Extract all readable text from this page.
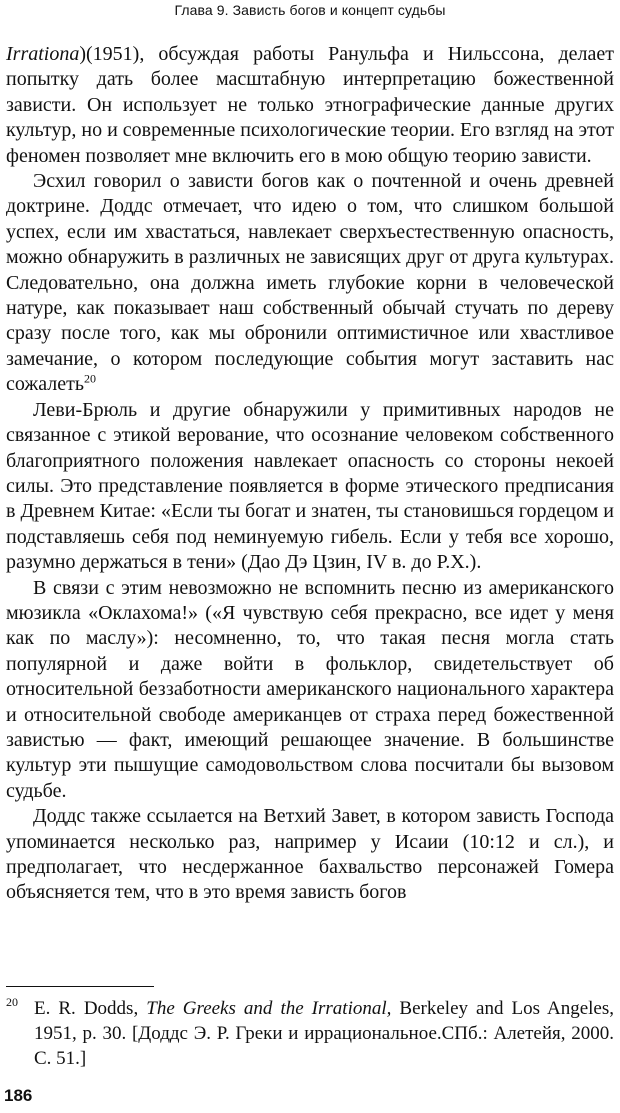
Глава 9. Зависть богов и концепт судьбы

Irrationa)(1951), обсуждая работы Ранульфа и Нильссона, делает попытку дать более масштабную интерпретацию божественной зависти. Он использует не только этнографические данные других культур, но и современные психологические теории. Его взгляд на этот феномен позволяет мне включить его в мою общую теорию зависти.

Эсхил говорил о зависти богов как о почтенной и очень древней доктрине. Доддс отмечает, что идею о том, что слишком большой успех, если им хвастаться, навлекает сверхъестественную опасность, можно обнаружить в различных не зависящих друг от друга культурах. Следовательно, она должна иметь глубокие корни в человеческой натуре, как показывает наш собственный обычай стучать по дереву сразу после того, как мы обронили оптимистичное или хвастливое замечание, о котором последующие события могут заставить нас сожалеть$^{20}$

Леви-Брюль и другие обнаружили у примитивных народов не связанное с этикой верование, что осознание человеком собственного благоприятного положения навлекает опасность со стороны некоей силы. Это представление появляется в форме этического предписания в Древнем Китае: «Если ты богат и знатен, ты становишься гордецом и подставляешь себя под неминуемую гибель. Если у тебя все хорошо, разумно держаться в тени» (Дао Дэ Цзин, IV в. до Р.Х.).

В связи с этим невозможно не вспомнить песню из американского мюзикла «Оклахома!» («Я чувствую себя прекрасно, все идет у меня как по маслу»): несомненно, то, что такая песня могла стать популярной и даже войти в фольклор, свидетельствует об относительной беззаботности американского национального характера и относительной свободе американцев от страха перед божественной завистью — факт, имеющий решающее значение. В большинстве культур эти пышущие самодовольством слова посчитали бы вызовом судьбе.

Доддс также ссылается на Ветхий Завет, в котором зависть Господа упоминается несколько раз, например у Исаии (10:12 и сл.), и предполагает, что несдержанное бахвальство персонажей Гомера объясняется тем, что в это время зависть богов

20 E. R. Dodds, The Greeks and the Irrational, Berkeley and Los Angeles, 1951, p. 30. [Доддс Э. Р. Греки и иррациональное.СПб.: Алетейя, 2000. С. 51.]
186
